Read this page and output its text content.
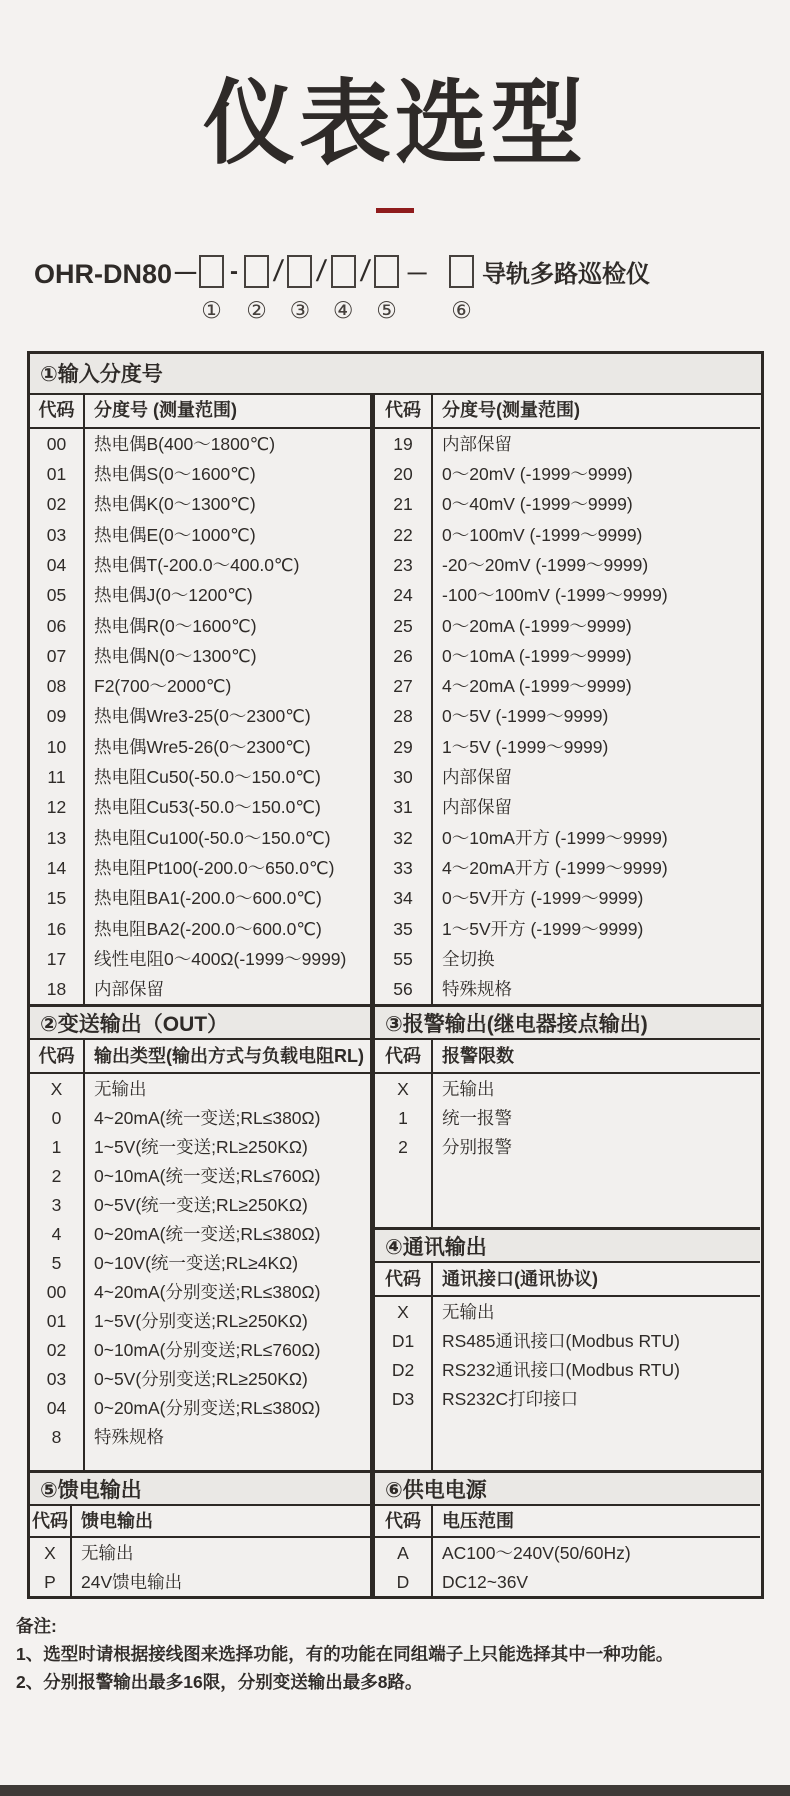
仪表选型
OHR-DN80－
①
-
②
/
③
/
④
/
⑤
－
⑥
导轨多路巡检仪
①输入分度号
代码	分度号 (测量范围)
00	热电偶B(400～1800℃)
01	热电偶S(0～1600℃)
02	热电偶K(0～1300℃)
03	热电偶E(0～1000℃)
04	热电偶T(-200.0～400.0℃)
05	热电偶J(0～1200℃)
06	热电偶R(0～1600℃)
07	热电偶N(0～1300℃)
08	F2(700～2000℃)
09	热电偶Wre3-25(0～2300℃)
10	热电偶Wre5-26(0～2300℃)
11	热电阻Cu50(-50.0～150.0℃)
12	热电阻Cu53(-50.0～150.0℃)
13	热电阻Cu100(-50.0～150.0℃)
14	热电阻Pt100(-200.0～650.0℃)
15	热电阻BA1(-200.0～600.0℃)
16	热电阻BA2(-200.0～600.0℃)
17	线性电阻0～400Ω(-1999～9999)
18	内部保留
代码	分度号(测量范围)
19	内部保留
20	0～20mV (-1999～9999)
21	0～40mV (-1999～9999)
22	0～100mV (-1999～9999)
23	-20～20mV (-1999～9999)
24	-100～100mV (-1999～9999)
25	0～20mA (-1999～9999)
26	0～10mA (-1999～9999)
27	4～20mA (-1999～9999)
28	0～5V (-1999～9999)
29	1～5V (-1999～9999)
30	内部保留
31	内部保留
32	0～10mA开方 (-1999～9999)
33	4～20mA开方 (-1999～9999)
34	0～5V开方 (-1999～9999)
35	1～5V开方 (-1999～9999)
55	全切换
56	特殊规格
②变送输出（OUT）	③报警输出(继电器接点输出)
代码	输出类型(输出方式与负载电阻RL)
X	无输出
0	4~20mA(统一变送;RL≤380Ω)
1	1~5V(统一变送;RL≥250KΩ)
2	0~10mA(统一变送;RL≤760Ω)
3	0~5V(统一变送;RL≥250KΩ)
4	0~20mA(统一变送;RL≤380Ω)
5	0~10V(统一变送;RL≥4KΩ)
00	4~20mA(分别变送;RL≤380Ω)
01	1~5V(分别变送;RL≥250KΩ)
02	0~10mA(分别变送;RL≤760Ω)
03	0~5V(分别变送;RL≥250KΩ)
04	0~20mA(分别变送;RL≤380Ω)
8	特殊规格
代码	报警限数
X	无输出
1	统一报警
2	分别报警
④通讯输出
代码	通讯接口(通讯协议)
X	无输出
D1	RS485通讯接口(Modbus RTU)
D2	RS232通讯接口(Modbus RTU)
D3	RS232C打印接口
⑤馈电输出	⑥供电电源
代码 馈电输出
X	无输出
P	24V馈电输出
代码	电压范围
A	AC100～240V(50/60Hz)
D	DC12~36V
备注:
1、选型时请根据接线图来选择功能，有的功能在同组端子上只能选择其中一种功能。
2、分别报警输出最多16限，分别变送输出最多8路。
